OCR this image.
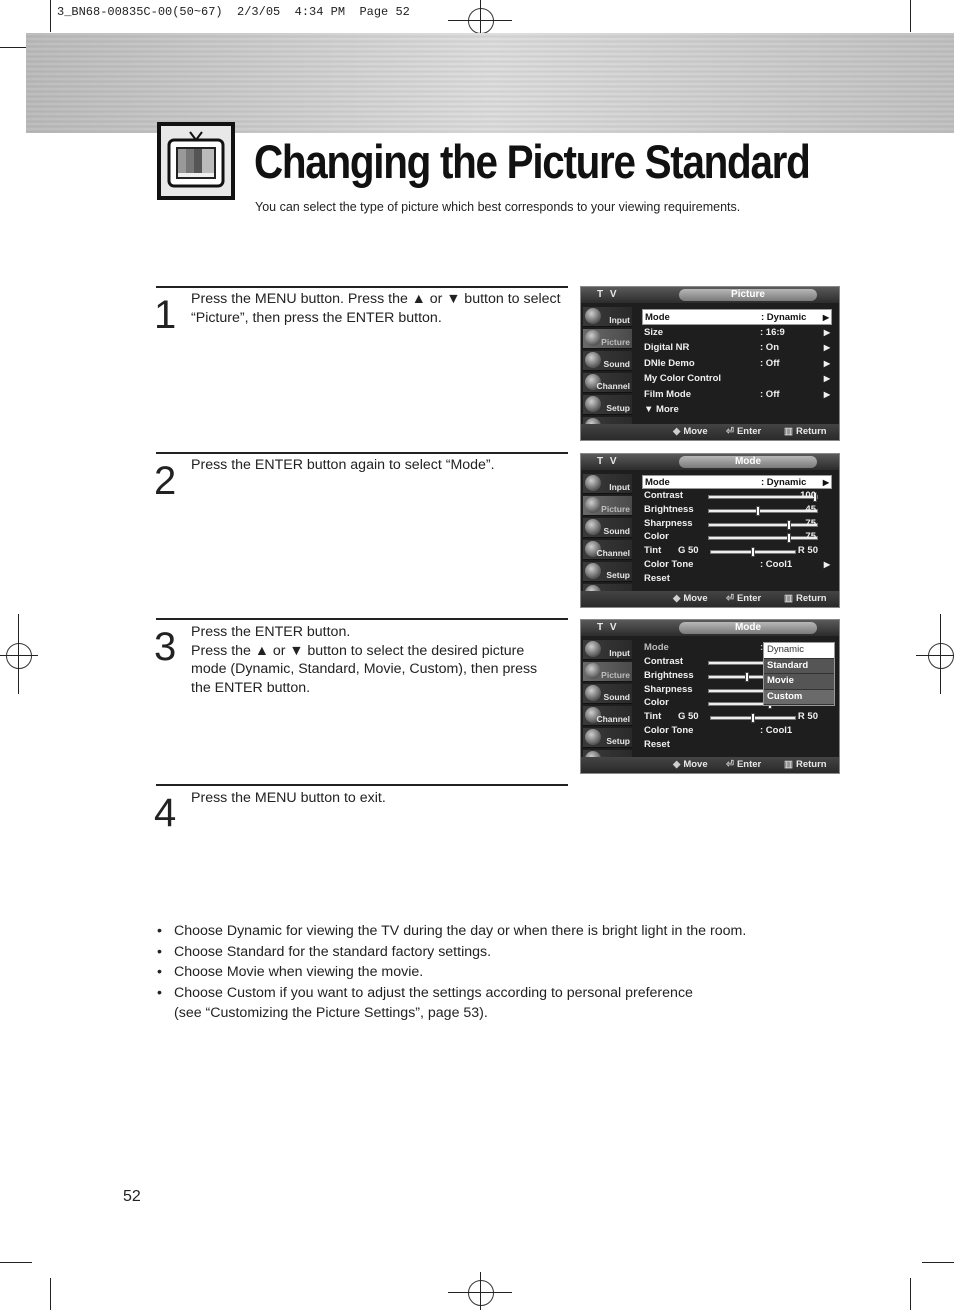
3_BN68-00835C-00(50~67)  2/3/05  4:34 PM  Page 52
Changing the Picture Standard
You can select the type of picture which best corresponds to your viewing requirements.
1 Press the MENU button. Press the ▲ or ▼ button to select “Picture”, then press the ENTER button.
T V	Picture
Input
Picture
Sound
Channel
Setup
Mode	: Dynamic ▶
Size	: 16:9	▶
Digital NR	: On	▶
DNIe Demo	: Off	▶
My Color Control	▶
Film Mode	: Off	▶
▼ More
◆ Move ⏎ Enter ▥ Return
2 Press the ENTER button again to select “Mode”.	T V	Mode
Input
Picture
Sound
Channel
Setup
Mode	: Dynamic ▶
Contrast	100
Brightness	45
Sharpness	75
Color	75
Tint G 50	R 50
Color Tone	: Cool1	▶
Reset
◆ Move ⏎ Enter ▥ Return
3 Press the ENTER button.
Press the ▲ or ▼ button to select the desired picture mode (Dynamic, Standard, Movie, Custom), then press the ENTER button.
T V	Mode
Input
Picture
Sound
Channel
Setup
Mode	:
Contrast
Brightness
Sharpness
Color
Tint G 50	R 50
Color Tone	: Cool1
Reset
Dynamic
Standard
Movie
Custom
◆ Move ⏎ Enter ▥ Return
4 Press the MENU button to exit.
• Choose Dynamic for viewing the TV during the day or when there is bright light in the room.
• Choose Standard for the standard factory settings.
• Choose Movie when viewing the movie.
• Choose Custom if you want to adjust the settings according to personal preference
(see “Customizing the Picture Settings”, page 53).
52
